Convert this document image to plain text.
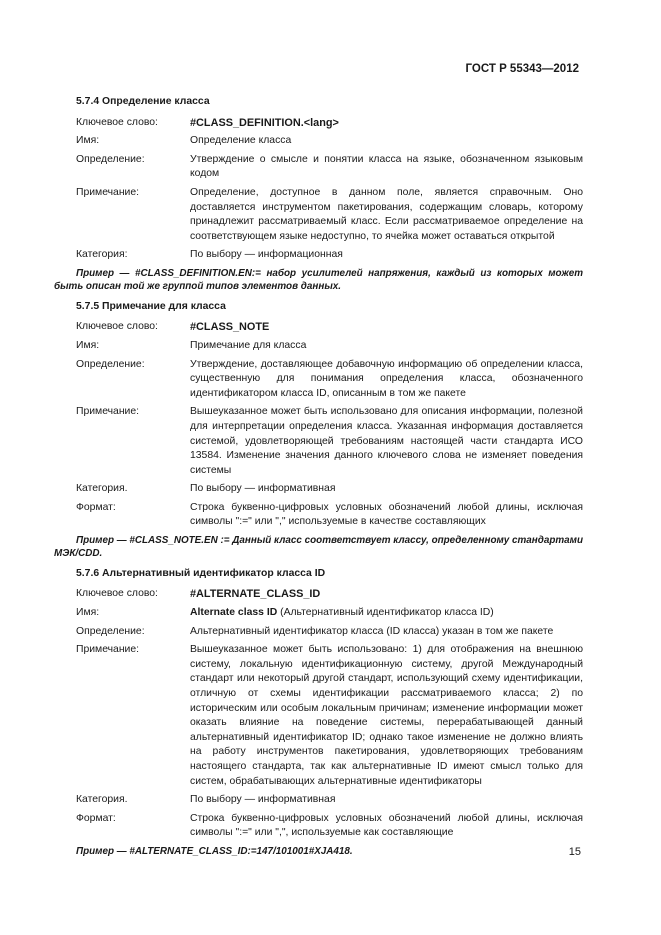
ГОСТ Р 55343—2012
5.7.4 Определение класса
Ключевое слово:	#CLASS_DEFINITION.<lang>
Имя:	Определение класса
Определение:	Утверждение о смысле и понятии класса на языке, обозначенном языковым кодом
Примечание:	Определение, доступное в данном поле, является справочным. Оно доставляется инструментом пакетирования, содержащим словарь, которому принадлежит рассматриваемый класс. Если рассматриваемое определение на соответствующем языке недоступно, то ячейка может оставаться открытой
Категория:	По выбору — информационная
Пример — #CLASS_DEFINITION.EN:= набор усилителей напряжения, каждый из которых может быть описан той же группой типов элементов данных.
5.7.5 Примечание для класса
Ключевое слово:	#CLASS_NOTE
Имя:	Примечание для класса
Определение:	Утверждение, доставляющее добавочную информацию об определении класса, существенную для понимания определения класса, обозначенного идентификатором класса ID, описанным в том же пакете
Примечание:	Вышеуказанное может быть использовано для описания информации, полезной для интерпретации определения класса. Указанная информация доставляется системой, удовлетворяющей требованиям настоящей части стандарта ИСО 13584. Изменение значения данного ключевого слова не изменяет поведения системы
Категория.	По выбору — информативная
Формат:	Строка буквенно-цифровых условных обозначений любой длины, исключая символы ":=" или "," используемые в качестве составляющих
Пример — #CLASS_NOTE.EN := Данный класс соответствует классу, определенному стандартами МЭК/CDD.
5.7.6 Альтернативный идентификатор класса ID
Ключевое слово:	#ALTERNATE_CLASS_ID
Имя:	Alternate class ID (Альтернативный идентификатор класса ID)
Определение:	Альтернативный идентификатор класса (ID класса) указан в том же пакете
Примечание:	Вышеуказанное может быть использовано: 1) для отображения на внешнюю систему, локальную идентификационную систему, другой Международный стандарт или некоторый другой стандарт, использующий схему идентификации, отличную от схемы идентификации рассматриваемого класса; 2) по историческим или особым локальным причинам; изменение информации может оказать влияние на поведение системы, перерабатывающей данный альтернативный идентификатор ID; однако такое изменение не должно влиять на работу инструментов пакетирования, удовлетворяющих требованиям настоящего стандарта, так как альтернативные ID имеют смысл только для систем, обрабатывающих альтернативные идентификаторы
Категория.	По выбору — информативная
Формат:	Строка буквенно-цифровых условных обозначений любой длины, исключая символы ":=" или ",", используемые как составляющие
Пример — #ALTERNATE_CLASS_ID:=147/101001#XJA418.	15
